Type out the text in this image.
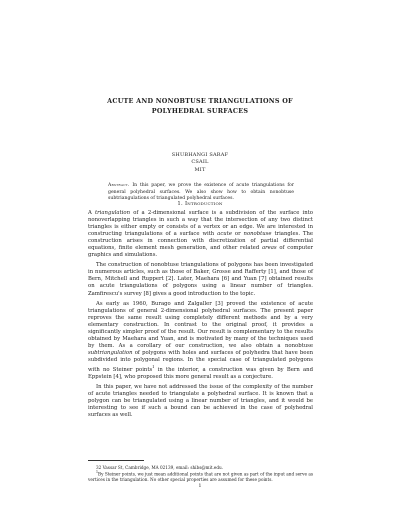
ACUTE AND NONOBTUSE TRIANGULATIONS OF
POLYHEDRAL SURFACES
SHUBHANGI SARAF
CSAIL
MIT
Abstract. In this paper, we prove the existence of acute triangulations for general polyhedral surfaces. We also show how to obtain nonobtuse subtriangulations of triangulated polyhedral surfaces.
1. Introduction

A triangulation of a 2-dimensional surface is a subdivision of the surface into nonoverlapping triangles in such a way that the intersection of any two distinct triangles is either empty or consists of a vertex or an edge. We are interested in constructing triangulations of a surface with acute or nonobtuse triangles. The construction arises in connection with discretization of partial differential equations, finite element mesh generation, and other related areas of computer graphics and simulations.

The construction of nonobtuse triangulations of polygons has been investigated in numerous articles, such as those of Baker, Grosse and Rafferty [1], and those of Bern, Mitchell and Ruppert [2]. Later, Maehara [6] and Yuan [7] obtained results on acute triangulations of polygons using a linear number of triangles. Zamfirescu's survey [8] gives a good introduction to the topic.

As early as 1960, Burago and Zalgaller [3] proved the existence of acute triangulations of general 2-dimensional polyhedral surfaces. The present paper reproves the same result using completely different methods and by a very elementary construction. In contrast to the original proof, it provides a significantly simpler proof of the result. Our result is complementary to the results obtained by Maehara and Yuan, and is motivated by many of the techniques used by them. As a corollary of our construction, we also obtain a nonobtuse subtriangulation of polygons with holes and surfaces of polyhedra that have been subdivided into polygonal regions. In the special case of triangulated polygons with no Steiner points$^1$ in the interior, a construction was given by Bern and Eppstein [4], who proposed this more general result as a conjecture.

In this paper, we have not addressed the issue of the complexity of the number of acute triangles needed to triangulate a polyhedral surface. It is known that a polygon can be triangulated using a linear number of triangles, and it would be interesting to see if such a bound can be achieved in the case of polyhedral surfaces as well.

32 Vassar St, Cambridge, MA 02139, email: shibs@mit.edu.

$^1$By Steiner points, we just mean additional points that are not given as part of the input and serve as vertices in the triangulation. No other special properties are assumed for these points.

1
